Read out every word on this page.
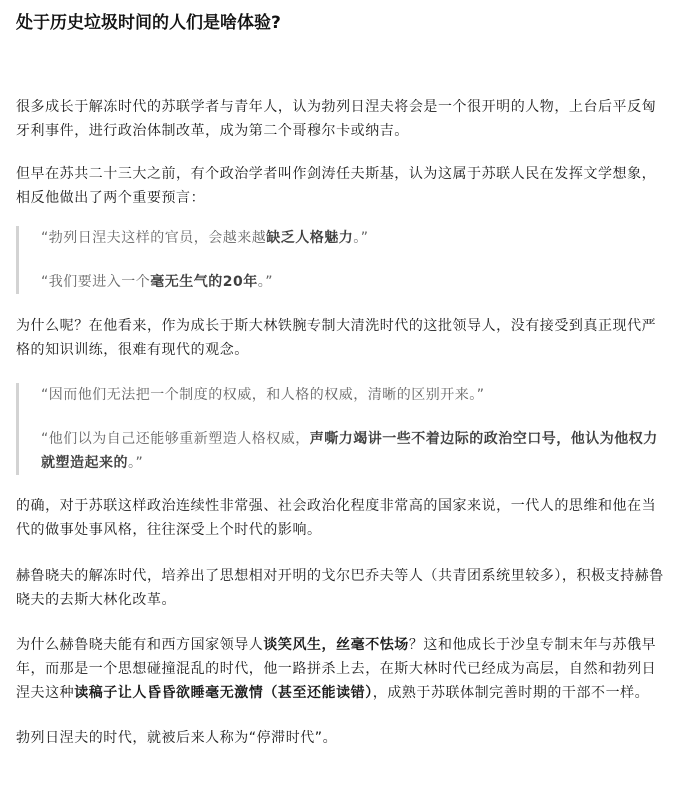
处于历史垃圾时间的人们是啥体验?

很多成长于解冻时代的苏联学者与青年人，认为勃列日涅夫将会是一个很开明的人物，上台后平反匈牙利事件，进行政治体制改革，成为第二个哥穆尔卡或纳吉。

但早在苏共二十三大之前，有个政治学者叫作剑涛任夫斯基，认为这属于苏联人民在发挥文学想象，相反他做出了两个重要预言：

“勃列日涅夫这样的官员，会越来越缺乏人格魅力。”

“我们要进入一个毫无生气的20年。”

为什么呢？在他看来，作为成长于斯大林铁腕专制大清洗时代的这批领导人，没有接受到真正现代严格的知识训练，很难有现代的观念。

“因而他们无法把一个制度的权威，和人格的权威，清晰的区别开来。”

“他们以为自己还能够重新塑造人格权威，声嘶力竭讲一些不着边际的政治空口号，他认为他权力就塑造起来的。”

的确，对于苏联这样政治连续性非常强、社会政治化程度非常高的国家来说，一代人的思维和他在当代的做事处事风格，往往深受上个时代的影响。

赫鲁晓夫的解冻时代，培养出了思想相对开明的戈尔巴乔夫等人（共青团系统里较多），积极支持赫鲁晓夫的去斯大林化改革。

为什么赫鲁晓夫能有和西方国家领导人谈笑风生，丝毫不怯场？这和他成长于沙皇专制末年与苏俄早年，而那是一个思想碰撞混乱的时代，他一路拼杀上去，在斯大林时代已经成为高层，自然和勃列日涅夫这种读稿子让人昏昏欲睡毫无激情（甚至还能读错），成熟于苏联体制完善时期的干部不一样。

勃列日涅夫的时代，就被后来人称为“停滞时代”。
